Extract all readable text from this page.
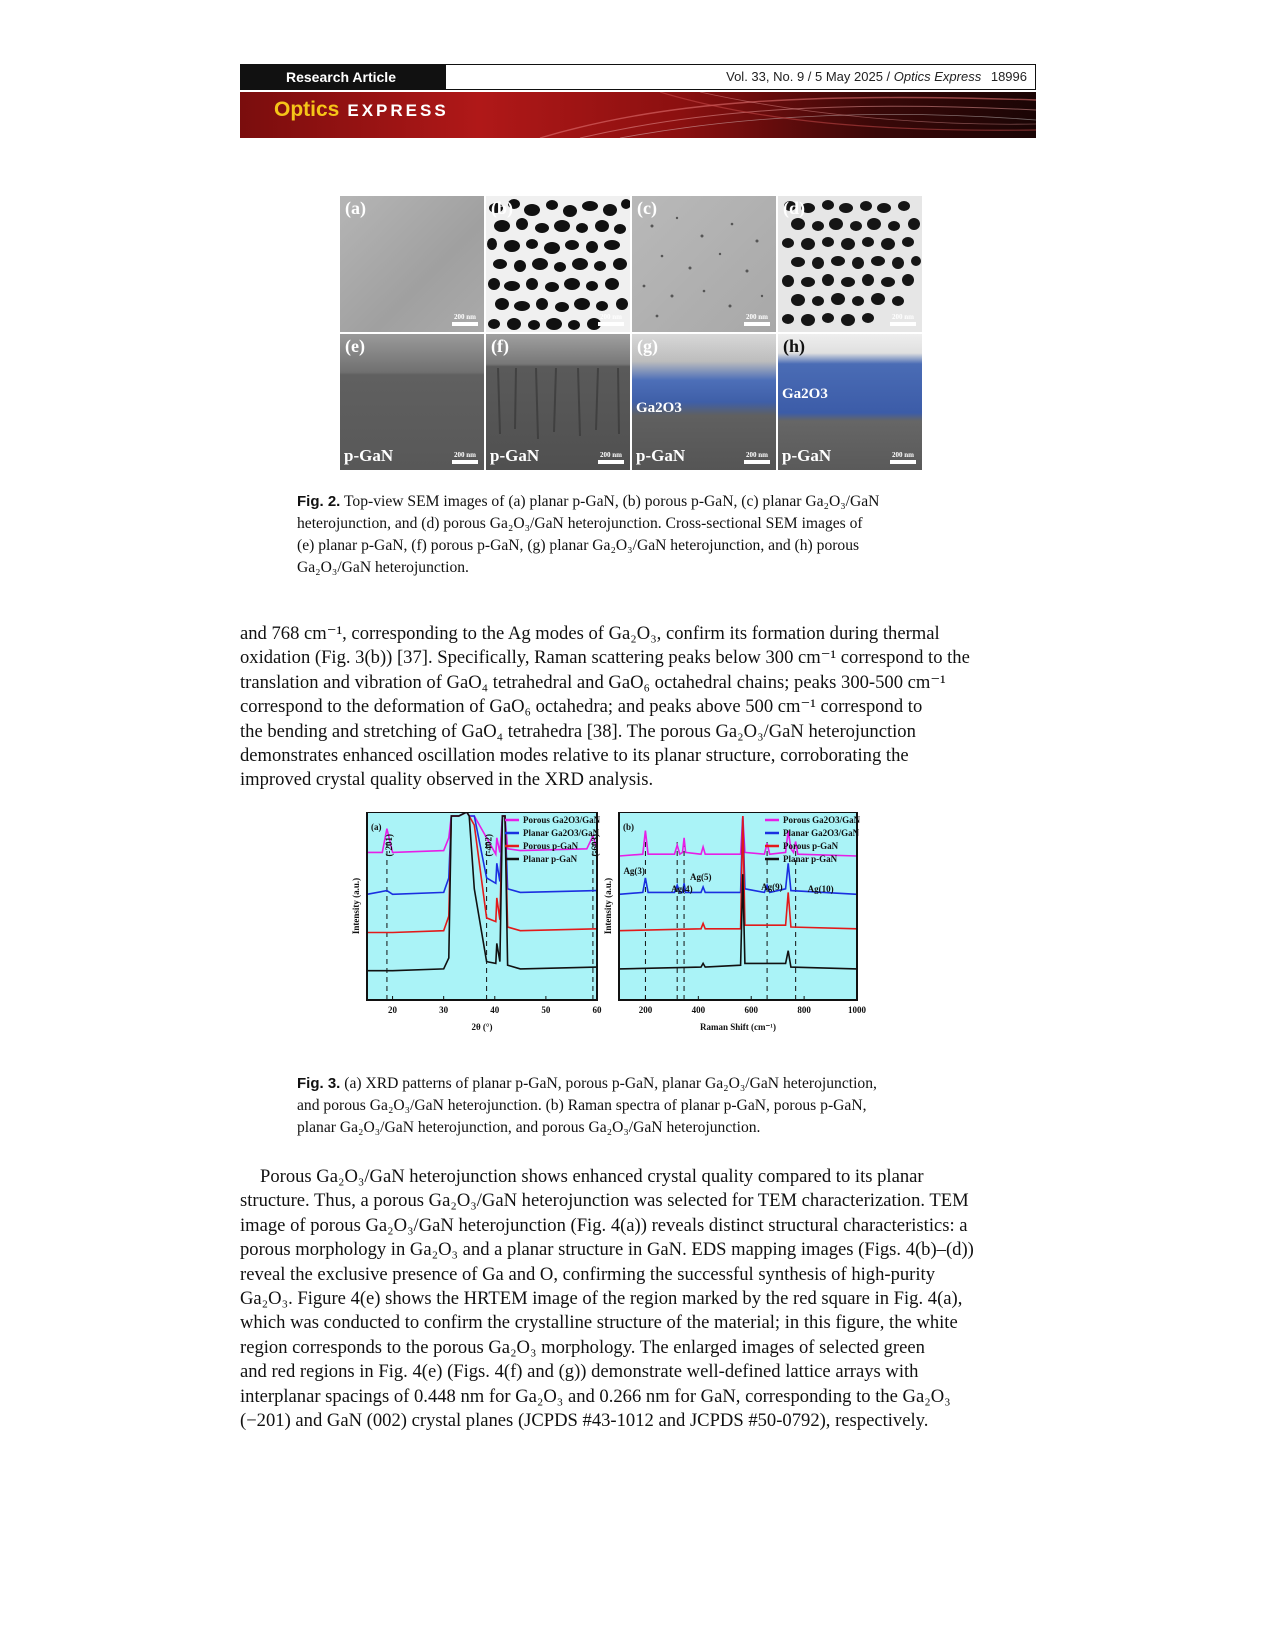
Research Article	Vol. 33, No. 9 / 5 May 2025 / Optics Express 18996
Optics EXPRESS
(a)
200 nm
(b)
200 nm
(c)
200 nm
(d)
200 nm
(e)
p-GaN	200 nm
(f)
p-GaN	200 nm
(g)
Ga2O3
p-GaN	200 nm
(h)
Ga2O3
p-GaN	200 nm
Fig. 2. Top-view SEM images of (a) planar p-GaN, (b) porous p-GaN, (c) planar Ga₂O₃/GaN
heterojunction, and (d) porous Ga₂O₃/GaN heterojunction. Cross-sectional SEM images of
(e) planar p-GaN, (f) porous p-GaN, (g) planar Ga₂O₃/GaN heterojunction, and (h) porous
Ga₂O₃/GaN heterojunction.
and 768 cm⁻¹, corresponding to the Ag modes of Ga₂O₃, confirm its formation during thermal
oxidation (Fig. 3(b)) [37]. Specifically, Raman scattering peaks below 300 cm⁻¹ correspond to the
translation and vibration of GaO₄ tetrahedral and GaO₆ octahedral chains; peaks 300-500 cm⁻¹
correspond to the deformation of GaO₆ octahedra; and peaks above 500 cm⁻¹ correspond to
the bending and stretching of GaO₄ tetrahedra [38]. The porous Ga₂O₃/GaN heterojunction
demonstrates enhanced oscillation modes relative to its planar structure, corroborating the
improved crystal quality observed in the XRD analysis.
20	30	40	50	60
2θ (°)
Intensity (a.u.)
(a)
Porous Ga2O3/GaN
Planar Ga2O3/GaN
Porous p-GaN
Planar p-GaN
(-201)	(-402)	(-603)
200	400	600	800	1000
Raman Shift (cm⁻¹)
Intensity (a.u.)
(b)
Porous Ga2O3/GaN
Planar Ga2O3/GaN
Porous p-GaN
Planar p-GaN
Ag(3)
Ag(4)
Ag(5)
Ag(9)	Ag(10)
Fig. 3. (a) XRD patterns of planar p-GaN, porous p-GaN, planar Ga₂O₃/GaN heterojunction,
and porous Ga₂O₃/GaN heterojunction. (b) Raman spectra of planar p-GaN, porous p-GaN,
planar Ga₂O₃/GaN heterojunction, and porous Ga₂O₃/GaN heterojunction.
Porous Ga₂O₃/GaN heterojunction shows enhanced crystal quality compared to its planar
structure. Thus, a porous Ga₂O₃/GaN heterojunction was selected for TEM characterization. TEM
image of porous Ga₂O₃/GaN heterojunction (Fig. 4(a)) reveals distinct structural characteristics: a
porous morphology in Ga₂O₃ and a planar structure in GaN. EDS mapping images (Figs. 4(b)–(d))
reveal the exclusive presence of Ga and O, confirming the successful synthesis of high-purity
Ga₂O₃. Figure 4(e) shows the HRTEM image of the region marked by the red square in Fig. 4(a),
which was conducted to confirm the crystalline structure of the material; in this figure, the white
region corresponds to the porous Ga₂O₃ morphology. The enlarged images of selected green
and red regions in Fig. 4(e) (Figs. 4(f) and (g)) demonstrate well-defined lattice arrays with
interplanar spacings of 0.448 nm for Ga₂O₃ and 0.266 nm for GaN, corresponding to the Ga₂O₃
(−201) and GaN (002) crystal planes (JCPDS #43-1012 and JCPDS #50-0792), respectively.
